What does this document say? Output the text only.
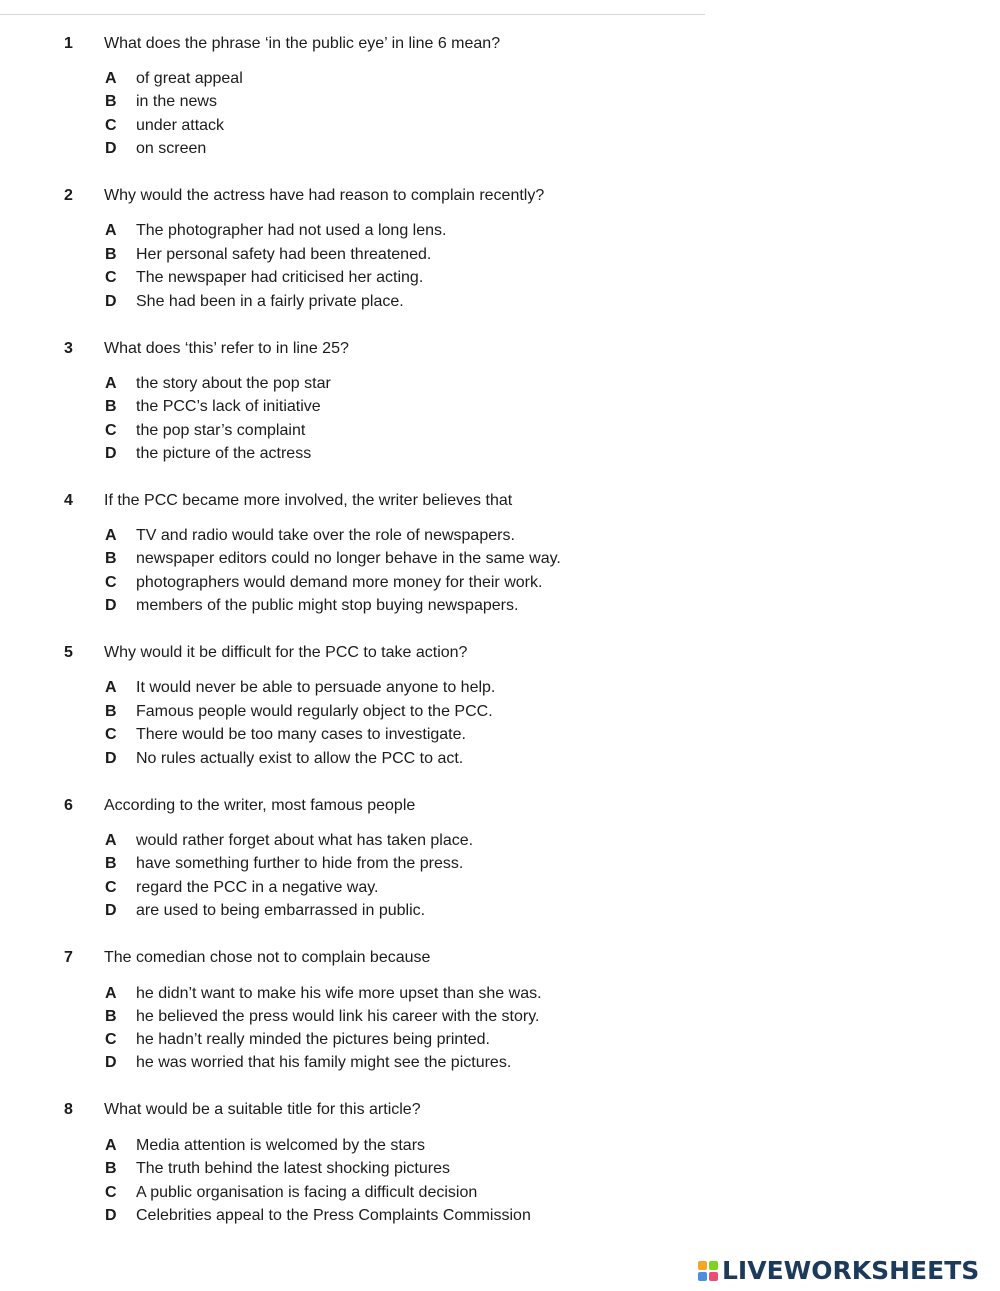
1 What does the phrase ‘in the public eye’ in line 6 mean?
A of great appeal
B in the news
C under attack
D on screen
2 Why would the actress have had reason to complain recently?
A The photographer had not used a long lens.
B Her personal safety had been threatened.
C The newspaper had criticised her acting.
D She had been in a fairly private place.
3 What does ‘this’ refer to in line 25?
A the story about the pop star
B the PCC’s lack of initiative
C the pop star’s complaint
D the picture of the actress
4 If the PCC became more involved, the writer believes that
A TV and radio would take over the role of newspapers.
B newspaper editors could no longer behave in the same way.
C photographers would demand more money for their work.
D members of the public might stop buying newspapers.
5 Why would it be difficult for the PCC to take action?
A It would never be able to persuade anyone to help.
B Famous people would regularly object to the PCC.
C There would be too many cases to investigate.
D No rules actually exist to allow the PCC to act.
6 According to the writer, most famous people
A would rather forget about what has taken place.
B have something further to hide from the press.
C regard the PCC in a negative way.
D are used to being embarrassed in public.
7 The comedian chose not to complain because
A he didn’t want to make his wife more upset than she was.
B he believed the press would link his career with the story.
C he hadn’t really minded the pictures being printed.
D he was worried that his family might see the pictures.
8 What would be a suitable title for this article?
A Media attention is welcomed by the stars
B The truth behind the latest shocking pictures
C A public organisation is facing a difficult decision
D Celebrities appeal to the Press Complaints Commission
LIVEWORKSHEETS
